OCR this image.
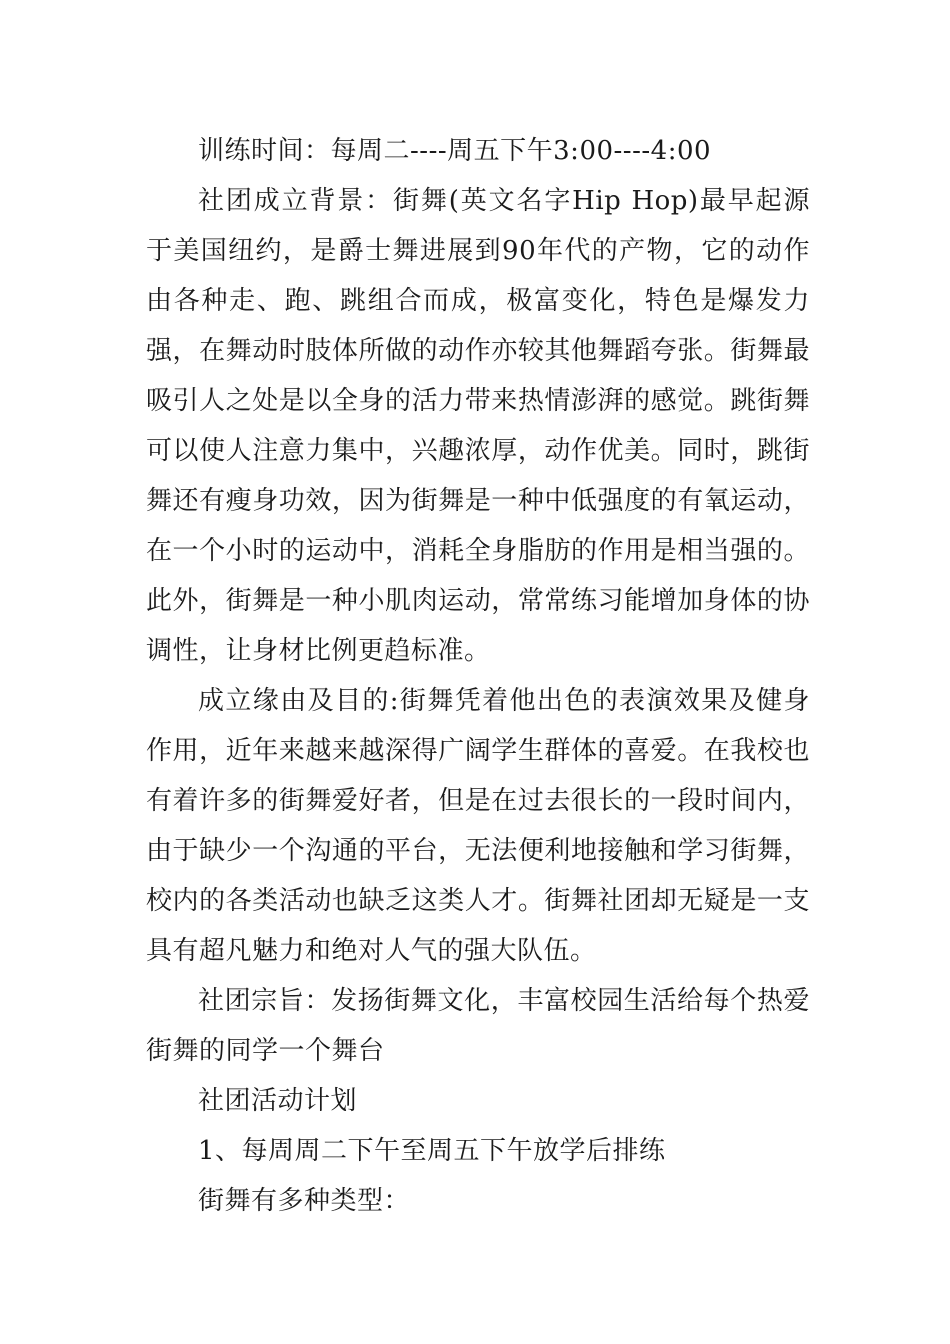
训练时间：每周二----周五下午3:00----4:00

社团成立背景：街舞(英文名字Hip Hop)最早起源于美国纽约，是爵士舞进展到90年代的产物，它的动作由各种走、跑、跳组合而成，极富变化，特色是爆发力强，在舞动时肢体所做的动作亦较其他舞蹈夸张。街舞最吸引人之处是以全身的活力带来热情澎湃的感觉。跳街舞可以使人注意力集中，兴趣浓厚，动作优美。同时，跳街舞还有瘦身功效，因为街舞是一种中低强度的有氧运动，在一个小时的运动中，消耗全身脂肪的作用是相当强的。此外，街舞是一种小肌肉运动，常常练习能增加身体的协调性，让身材比例更趋标准。

成立缘由及目的:街舞凭着他出色的表演效果及健身作用，近年来越来越深得广阔学生群体的喜爱。在我校也有着许多的街舞爱好者，但是在过去很长的一段时间内，由于缺少一个沟通的平台，无法便利地接触和学习街舞，校内的各类活动也缺乏这类人才。街舞社团却无疑是一支具有超凡魅力和绝对人气的强大队伍。

社团宗旨：发扬街舞文化，丰富校园生活给每个热爱街舞的同学一个舞台

社团活动计划

1、每周周二下午至周五下午放学后排练

街舞有多种类型：
